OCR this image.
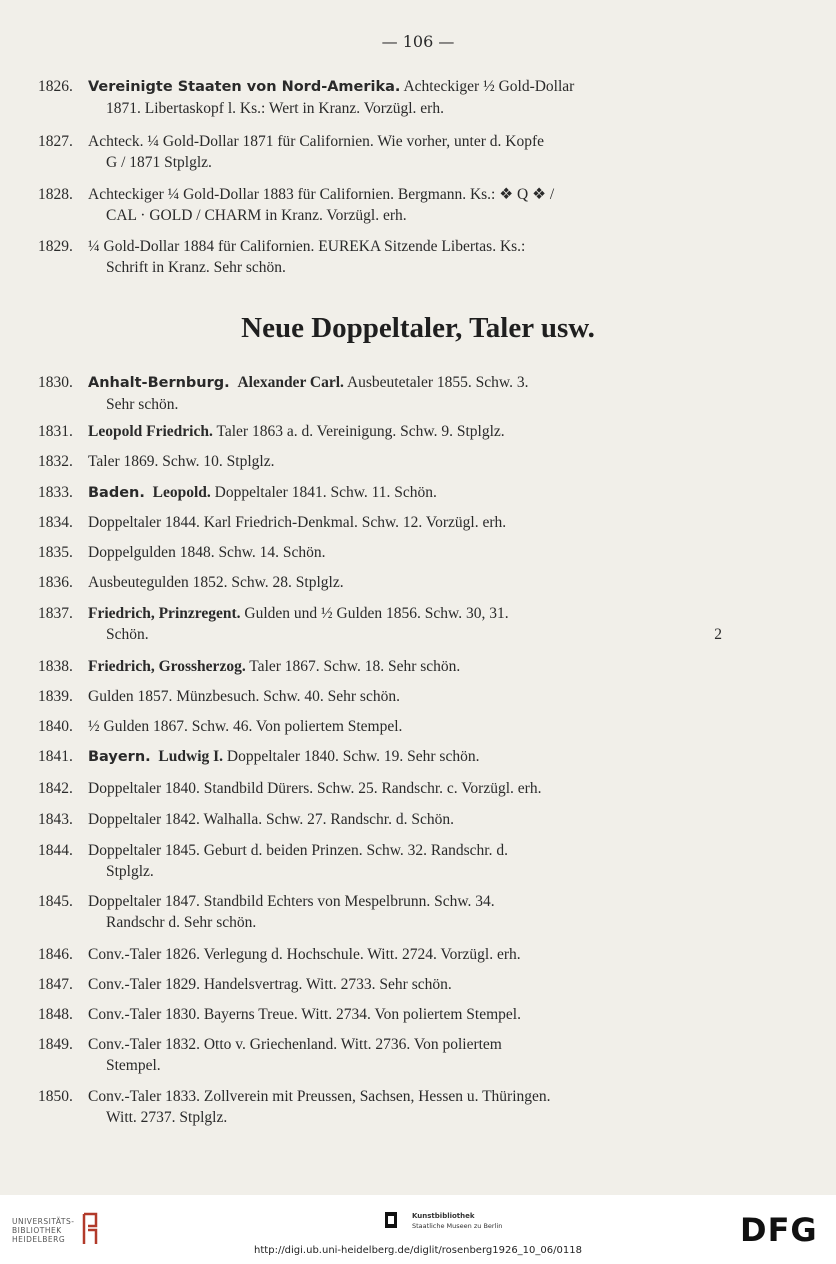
— 106 —
1826. Vereinigte Staaten von Nord-Amerika. Achteckiger ½ Gold-Dollar
1871. Libertaskopf l. Ks.: Wert in Kranz. Vorzügl. erh.
1827. Achteck. ¼ Gold-Dollar 1871 für Californien. Wie vorher, unter d. Kopfe
G / 1871 Stplglz.
1828. Achteckiger ¼ Gold-Dollar 1883 für Californien. Bergmann. Ks.: ❖ Q ❖ /
CAL · GOLD / CHARM in Kranz. Vorzügl. erh.
1829. ¼ Gold-Dollar 1884 für Californien. EUREKA Sitzende Libertas. Ks.:
Schrift in Kranz. Sehr schön.
Neue Doppeltaler, Taler usw.
1830. Anhalt-Bernburg. Alexander Carl. Ausbeutetaler 1855. Schw. 3.
Sehr schön.
1831. Leopold Friedrich. Taler 1863 a. d. Vereinigung. Schw. 9. Stplglz.
1832. Taler 1869. Schw. 10. Stplglz.
1833. Baden. Leopold. Doppeltaler 1841. Schw. 11. Schön.
1834. Doppeltaler 1844. Karl Friedrich-Denkmal. Schw. 12. Vorzügl. erh.
1835. Doppelgulden 1848. Schw. 14. Schön.
1836. Ausbeutegulden 1852. Schw. 28. Stplglz.
1837. Friedrich, Prinzregent. Gulden und ½ Gulden 1856. Schw. 30, 31.
Schön.	2
1838. Friedrich, Grossherzog. Taler 1867. Schw. 18. Sehr schön.
1839. Gulden 1857. Münzbesuch. Schw. 40. Sehr schön.
1840. ½ Gulden 1867. Schw. 46. Von poliertem Stempel.
1841. Bayern. Ludwig I. Doppeltaler 1840. Schw. 19. Sehr schön.
1842. Doppeltaler 1840. Standbild Dürers. Schw. 25. Randschr. c. Vorzügl. erh.
1843. Doppeltaler 1842. Walhalla. Schw. 27. Randschr. d. Schön.
1844. Doppeltaler 1845. Geburt d. beiden Prinzen. Schw. 32. Randschr. d.
Stplglz.
1845. Doppeltaler 1847. Standbild Echters von Mespelbrunn. Schw. 34.
Randschr d. Sehr schön.
1846. Conv.-Taler 1826. Verlegung d. Hochschule. Witt. 2724. Vorzügl. erh.
1847. Conv.-Taler 1829. Handelsvertrag. Witt. 2733. Sehr schön.
1848. Conv.-Taler 1830. Bayerns Treue. Witt. 2734. Von poliertem Stempel.
1849. Conv.-Taler 1832. Otto v. Griechenland. Witt. 2736. Von poliertem
Stempel.
1850. Conv.-Taler 1833. Zollverein mit Preussen, Sachsen, Hessen u. Thüringen.
Witt. 2737. Stplglz.
UNIVERSITÄTS-
BIBLIOTHEK
HEIDELBERG
Kunstbibliothek
Staatliche Museen zu Berlin	DFG
http://digi.ub.uni-heidelberg.de/diglit/rosenberg1926_10_06/0118
